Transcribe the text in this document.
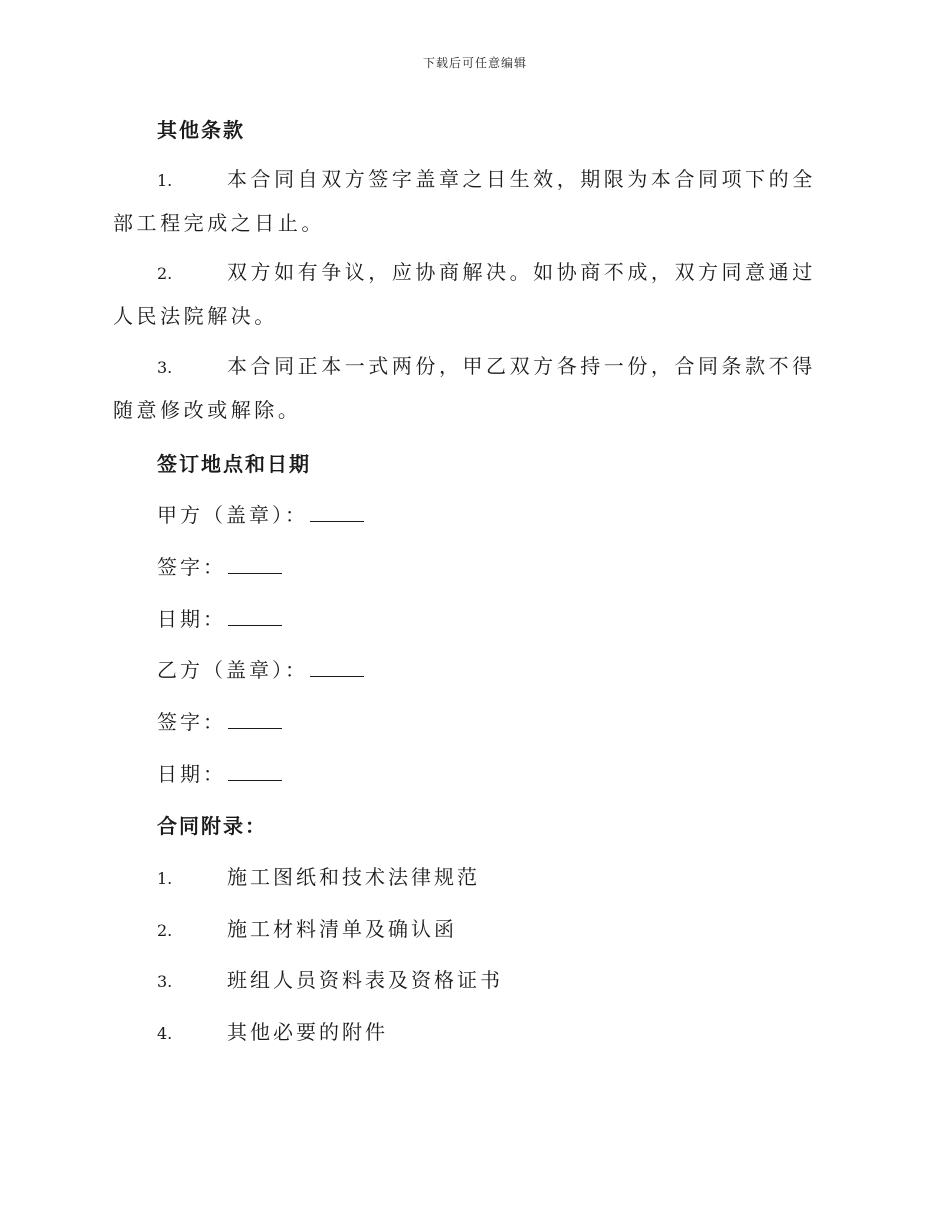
下载后可任意编辑
其他条款
1.	本合同自双方签字盖章之日生效，期限为本合同项下的全部工程完成之日止。
2.	双方如有争议，应协商解决。如协商不成，双方同意通过人民法院解决。
3.	本合同正本一式两份，甲乙双方各持一份，合同条款不得随意修改或解除。
签订地点和日期
甲方（盖章）：
签字：
日期：
乙方（盖章）：
签字：
日期：
合同附录：
1.	施工图纸和技术法律规范
2.	施工材料清单及确认函
3.	班组人员资料表及资格证书
4.	其他必要的附件
